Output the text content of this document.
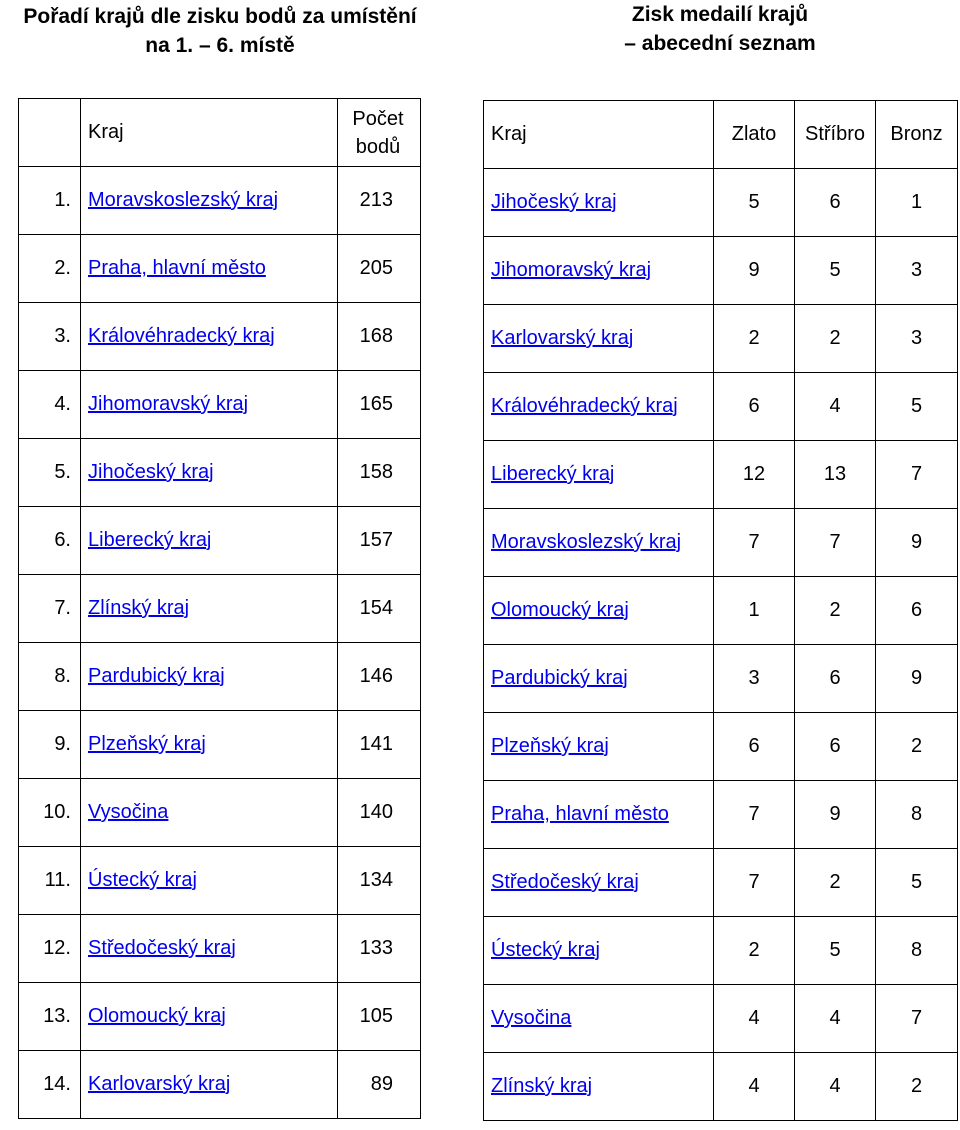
Pořadí krajů dle zisku bodů za umístění
na 1. – 6. místě
Zisk medailí krajů
– abecední seznam
	Kraj	Počet
bodů
1.	Moravskoslezský kraj	213
2.	Praha, hlavní město	205
3.	Královéhradecký kraj	168
4.	Jihomoravský kraj	165
5.	Jihočeský kraj	158
6.	Liberecký kraj	157
7.	Zlínský kraj	154
8.	Pardubický kraj	146
9.	Plzeňský kraj	141
10.	Vysočina	140
11.	Ústecký kraj	134
12.	Středočeský kraj	133
13.	Olomoucký kraj	105
14.	Karlovarský kraj	89
Kraj	Zlato	Stříbro	Bronz
Jihočeský kraj	5	6	1
Jihomoravský kraj	9	5	3
Karlovarský kraj	2	2	3
Královéhradecký kraj	6	4	5
Liberecký kraj	12	13	7
Moravskoslezský kraj	7	7	9
Olomoucký kraj	1	2	6
Pardubický kraj	3	6	9
Plzeňský kraj	6	6	2
Praha, hlavní město	7	9	8
Středočeský kraj	7	2	5
Ústecký kraj	2	5	8
Vysočina	4	4	7
Zlínský kraj	4	4	2
